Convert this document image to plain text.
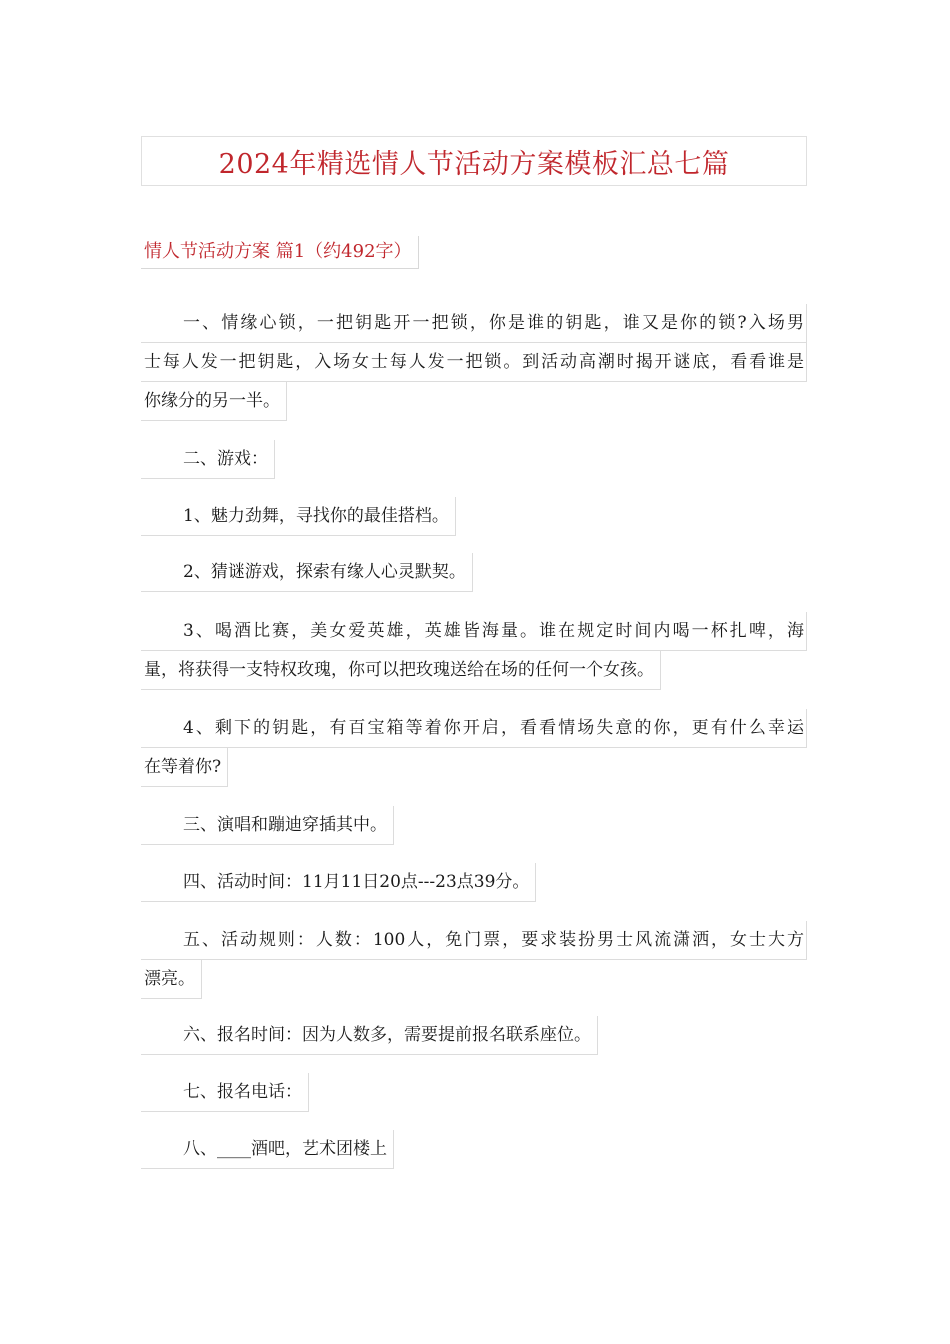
2024年精选情人节活动方案模板汇总七篇
情人节活动方案 篇1（约492字）
一、情缘心锁，一把钥匙开一把锁，你是谁的钥匙，谁又是你的锁?入场男
士每人发一把钥匙，入场女士每人发一把锁。到活动高潮时揭开谜底，看看谁是
你缘分的另一半。
二、游戏：
1、魅力劲舞，寻找你的最佳搭档。
2、猜谜游戏，探索有缘人心灵默契。
3、喝酒比赛，美女爱英雄，英雄皆海量。谁在规定时间内喝一杯扎啤，海
量，将获得一支特权玫瑰，你可以把玫瑰送给在场的任何一个女孩。
4、剩下的钥匙，有百宝箱等着你开启，看看情场失意的你，更有什么幸运
在等着你?
三、演唱和蹦迪穿插其中。
四、活动时间：11月11日20点---23点39分。
五、活动规则：人数：100人，免门票，要求装扮男士风流潇洒，女士大方
漂亮。
六、报名时间：因为人数多，需要提前报名联系座位。
七、报名电话：
八、____酒吧，艺术团楼上
